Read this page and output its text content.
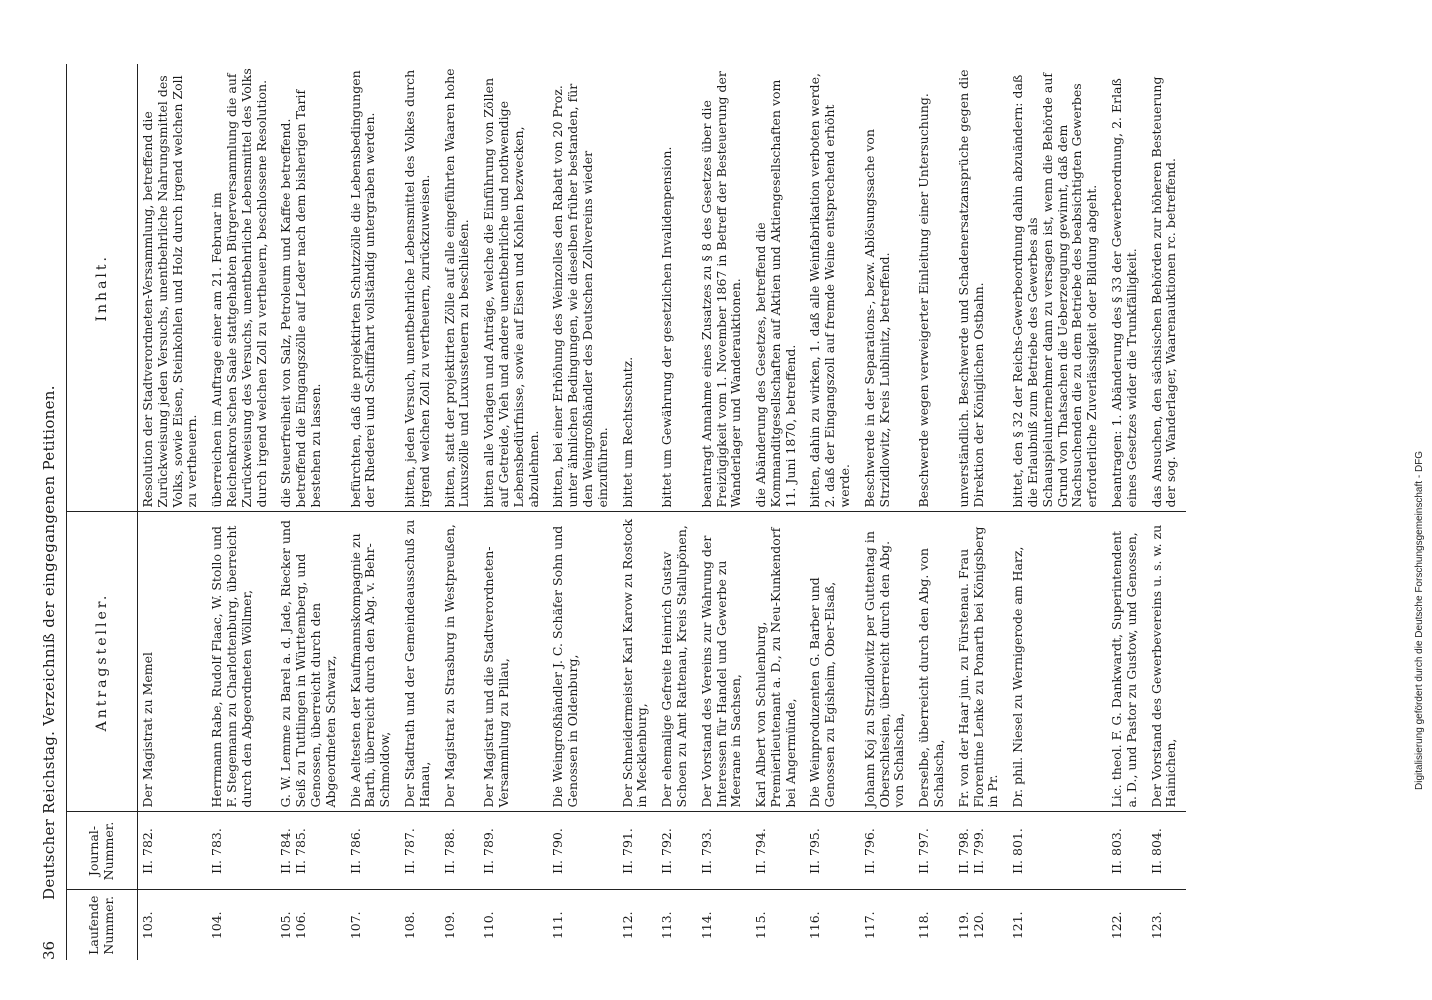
36
Deutscher Reichstag. Verzeichniß der eingegangenen Petitionen.
Laufende Nummer.	Journal-Nummer.	Antragsteller.	Inhalt.

103.	II. 782.	Der Magistrat zu Memel	Resolution der Stadtverordneten-Versammlung, betreffend die Zurückweisung jeden Versuchs, unentbehrliche Nahrungsmittel des Volks, sowie Eisen, Steinkohlen und Holz durch irgend welchen Zoll zu vertheuern.

104.	II. 783.	Herrmann Rabe, Rudolf Flaac, W. Stollo und F. Stegemann zu Charlottenburg, überreicht durch den Abgeordneten Wöllmer,	überreichen im Auftrage einer am 21. Februar im Reichenkron'schen Saale stattgehabten Bürgerversammlung die auf Zurückweisung des Versuchs, unentbehrliche Lebensmittel des Volks durch irgend welchen Zoll zu vertheuern, beschlossene Resolution.

105. 106.	II. 784. II. 785.	G. W. Lemme zu Barel a. d. Jade, Riecker und Seiß zu Tuttlingen in Württemberg, und Genossen, überreicht durch den Abgeordneten Schwarz,	die Steuerfreiheit von Salz, Petroleum und Kaffee betreffend. betreffend die Eingangszölle auf Leder nach dem bisherigen Tarif bestehen zu lassen.

107.	II. 786.	Die Aeltesten der Kaufmannskompagnie zu Barth, überreicht durch den Abg. v. Behr-Schmoldow,	befürchten, daß die projektirten Schutzzölle die Lebensbedingungen der Rhederei und Schifffahrt vollständig untergraben werden.

108.	II. 787.	Der Stadtrath und der Gemeindeausschuß zu Hanau,	bitten, jeden Versuch, unentbehrliche Lebensmittel des Volkes durch irgend welchen Zoll zu vertheuern, zurückzuweisen.

109.	II. 788.	Der Magistrat zu Strasburg in Westpreußen,	bitten, statt der projektirten Zölle auf alle eingeführten Waaren hohe Luxuszölle und Luxussteuern zu beschließen.

110.	II. 789.	Der Magistrat und die Stadtverordneten-Versammlung zu Pillau,	bitten alle Vorlagen und Anträge, welche die Einführung von Zöllen auf Getreide, Vieh und andere unentbehrliche und nothwendige Lebensbedürfnisse, sowie auf Eisen und Kohlen bezwecken, abzulehnen.

111.	II. 790.	Die Weingroßhändler J. C. Schäfer Sohn und Genossen in Oldenburg,	bitten, bei einer Erhöhung des Weinzolles den Rabatt von 20 Proz. unter ähnlichen Bedingungen, wie dieselben früher bestanden, für den Weingroßhändler des Deutschen Zollvereins wieder einzuführen.

112.	II. 791.	Der Schneidermeister Karl Karow zu Rostock in Mecklenburg,	bittet um Rechtsschutz.

113.	II. 792.	Der ehemalige Gefreite Heinrich Gustav Schoen zu Amt Rattenau, Kreis Stallupönen,	bittet um Gewährung der gesetzlichen Invalidenpension.

114.	II. 793.	Der Vorstand des Vereins zur Wahrung der Interessen für Handel und Gewerbe zu Meerane in Sachsen,	beantragt Annahme eines Zusatzes zu § 8 des Gesetzes über die Freizügigkeit vom 1. November 1867 in Betreff der Besteuerung der Wanderlager und Wanderauktionen.

115.	II. 794.	Karl Albert von Schulenburg, Premierlieutenant a. D., zu Neu-Kunkendorf bei Angermünde,	die Abänderung des Gesetzes, betreffend die Kommanditgesellschaften auf Aktien und Aktiengesellschaften vom 11. Juni 1870, betreffend.

116.	II. 795.	Die Weinproduzenten G. Barber und Genossen zu Egisheim, Ober-Elsaß,	bitten, dahin zu wirken, 1. daß alle Weinfabrikation verboten werde, 2. daß der Eingangszoll auf fremde Weine entsprechend erhöht werde.

117.	II. 796.	Johann Koj zu Strzidlowitz per Guttentag in Oberschlesien, überreicht durch den Abg. von Schalscha,	Beschwerde in der Separations-, bezw. Ablösungssache von Strzidlowitz, Kreis Lublinitz, betreffend.

118.	II. 797.	Derselbe, überreicht durch den Abg. von Schalscha,	Beschwerde wegen verweigerter Einleitung einer Untersuchung.

119. 120.	II. 798. II. 799.	Fr. von der Haar jun. zu Fürstenau. Frau Florentine Lenke zu Ponarth bei Königsberg in Pr.	unverständlich. Beschwerde und Schadenersatzansprüche gegen die Direktion der Königlichen Ostbahn.

121.	II. 801.	Dr. phil. Niesel zu Wernigerode am Harz,	bittet, den § 32 der Reichs-Gewerbeordnung dahin abzuändern: daß die Erlaubniß zum Betriebe des Gewerbes als Schauspielunternehmer dann zu versagen ist, wenn die Behörde auf Grund von Thatsachen die Ueberzeugung gewinnt, daß dem Nachsuchenden die zu dem Betriebe des beabsichtigten Gewerbes erforderliche Zuverlässigkeit oder Bildung abgeht.

122.	II. 803.	Lic. theol. F. G. Dankwardt, Superintendent a. D., und Pastor zu Gustow, und Genossen,	beantragen: 1. Abänderung des § 33 der Gewerbeordnung, 2. Erlaß eines Gesetzes wider die Trunkfälligkeit.

123.	II. 804.	Der Vorstand des Gewerbevereins u. s. w. zu Hainichen,	das Ansuchen, den sächsischen Behörden zur höheren Besteuerung der sog. Wanderlager, Waarenauktionen rc. betreffend.
Digitalisierung gefördert durch die Deutsche Forschungsgemeinschaft - DFG
